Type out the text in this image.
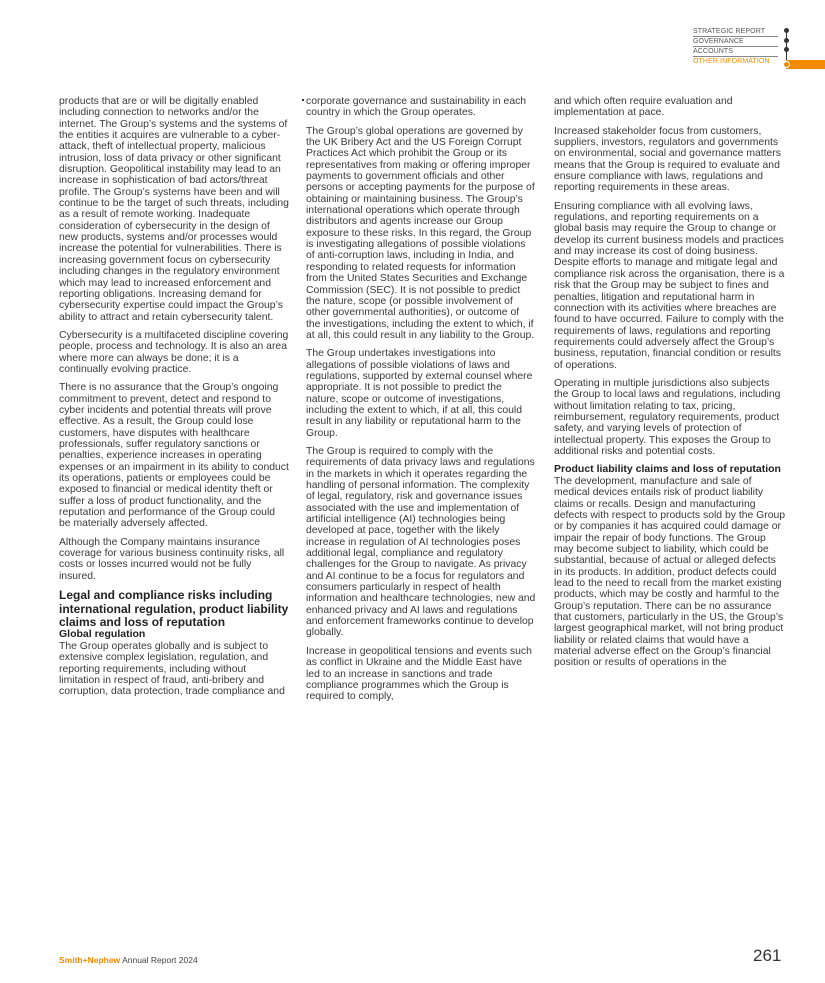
STRATEGIC REPORT
GOVERNANCE
ACCOUNTS
OTHER INFORMATION

products that are or will be digitally enabled including connection to networks and/or the internet. The Group’s systems and the systems of the entities it acquires are vulnerable to a cyber-attack, theft of intellectual property, malicious intrusion, loss of data privacy or other significant disruption. Geopolitical instability may lead to an increase in sophistication of bad actors/threat profile. The Group’s systems have been and will continue to be the target of such threats, including as a result of remote working. Inadequate consideration of cybersecurity in the design of new products, systems and/or processes would increase the potential for vulnerabilities. There is increasing government focus on cybersecurity including changes in the regulatory environment which may lead to increased enforcement and reporting obligations. Increasing demand for cybersecurity expertise could impact the Group’s ability to attract and retain cybersecurity talent.

Cybersecurity is a multifaceted discipline covering people, process and technology. It is also an area where more can always be done; it is a continually evolving practice.

There is no assurance that the Group’s ongoing commitment to prevent, detect and respond to cyber incidents and potential threats will prove effective. As a result, the Group could lose customers, have disputes with healthcare professionals, suffer regulatory sanctions or penalties, experience increases in operating expenses or an impairment in its ability to conduct its operations, patients or employees could be exposed to financial or medical identity theft or suffer a loss of product functionality, and the reputation and performance of the Group could be materially adversely affected.

Although the Company maintains insurance coverage for various business continuity risks, all costs or losses incurred would not be fully insured.

Legal and compliance risks including international regulation, product liability claims and loss of reputation
Global regulation

The Group operates globally and is subject to extensive complex legislation, regulation, and reporting requirements, including without limitation in respect of fraud, anti-bribery and corruption, data protection, trade compliance and

corporate governance and sustainability in each country in which the Group operates.

The Group’s global operations are governed by the UK Bribery Act and the US Foreign Corrupt Practices Act which prohibit the Group or its representatives from making or offering improper payments to government officials and other persons or accepting payments for the purpose of obtaining or maintaining business. The Group’s international operations which operate through distributors and agents increase our Group exposure to these risks. In this regard, the Group is investigating allegations of possible violations of anti-corruption laws, including in India, and responding to related requests for information from the United States Securities and Exchange Commission (SEC). It is not possible to predict the nature, scope (or possible involvement of other governmental authorities), or outcome of the investigations, including the extent to which, if at all, this could result in any liability to the Group.

The Group undertakes investigations into allegations of possible violations of laws and regulations, supported by external counsel where appropriate. It is not possible to predict the nature, scope or outcome of investigations, including the extent to which, if at all, this could result in any liability or reputational harm to the Group.

The Group is required to comply with the requirements of data privacy laws and regulations in the markets in which it operates regarding the handling of personal information. The complexity of legal, regulatory, risk and governance issues associated with the use and implementation of artificial intelligence (AI) technologies being developed at pace, together with the likely increase in regulation of AI technologies poses additional legal, compliance and regulatory challenges for the Group to navigate. As privacy and AI continue to be a focus for regulators and consumers particularly in respect of health information and healthcare technologies, new and enhanced privacy and AI laws and regulations and enforcement frameworks continue to develop globally.

Increase in geopolitical tensions and events such as conflict in Ukraine and the Middle East have led to an increase in sanctions and trade compliance programmes which the Group is required to comply,

and which often require evaluation and implementation at pace.

Increased stakeholder focus from customers, suppliers, investors, regulators and governments on environmental, social and governance matters means that the Group is required to evaluate and ensure compliance with laws, regulations and reporting requirements in these areas.

Ensuring compliance with all evolving laws, regulations, and reporting requirements on a global basis may require the Group to change or develop its current business models and practices and may increase its cost of doing business. Despite efforts to manage and mitigate legal and compliance risk across the organisation, there is a risk that the Group may be subject to fines and penalties, litigation and reputational harm in connection with its activities where breaches are found to have occurred. Failure to comply with the requirements of laws, regulations and reporting requirements could adversely affect the Group’s business, reputation, financial condition or results of operations.

Operating in multiple jurisdictions also subjects the Group to local laws and regulations, including without limitation relating to tax, pricing, reimbursement, regulatory requirements, product safety, and varying levels of protection of intellectual property. This exposes the Group to additional risks and potential costs.

Product liability claims and loss of reputation

The development, manufacture and sale of medical devices entails risk of product liability claims or recalls. Design and manufacturing defects with respect to products sold by the Group or by companies it has acquired could damage or impair the repair of body functions. The Group may become subject to liability, which could be substantial, because of actual or alleged defects in its products. In addition, product defects could lead to the need to recall from the market existing products, which may be costly and harmful to the Group’s reputation. There can be no assurance that customers, particularly in the US, the Group’s largest geographical market, will not bring product liability or related claims that would have a material adverse effect on the Group’s financial position or results of operations in the

Smith+Nephew Annual Report 2024	261
